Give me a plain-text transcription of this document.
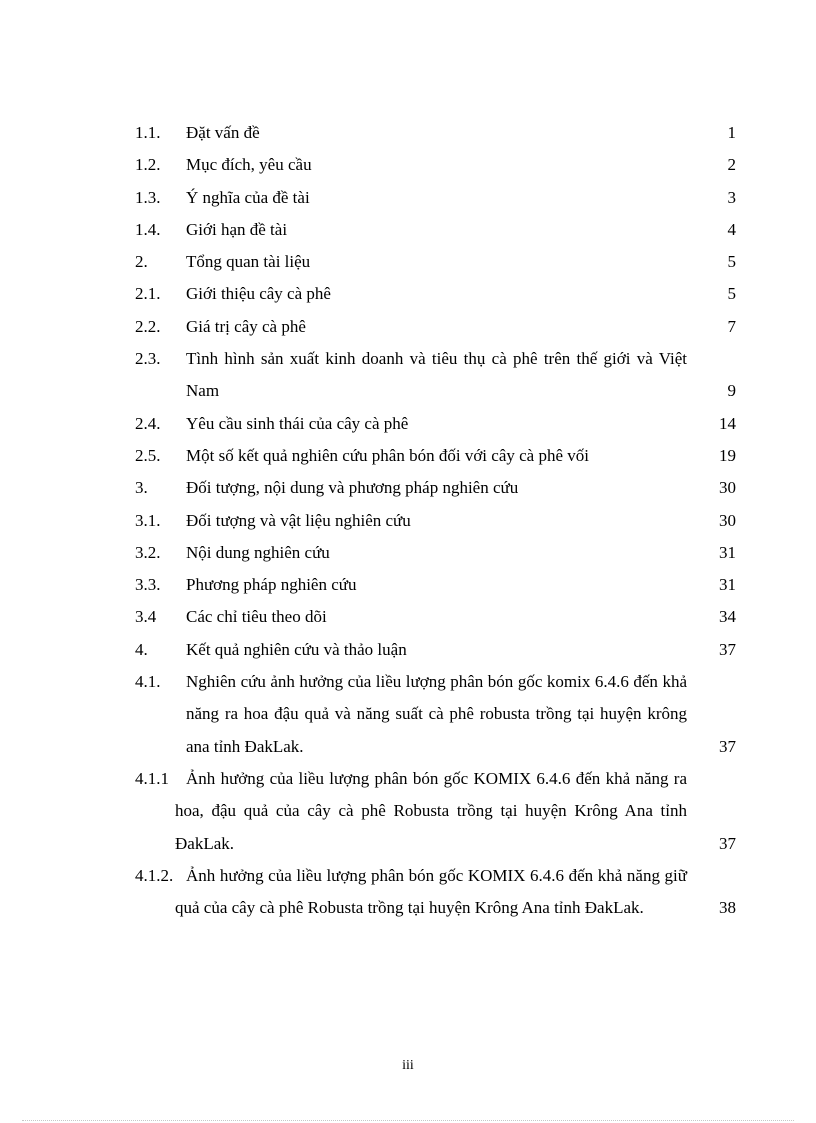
1.1. Đặt vấn đề	1
1.2. Mục đích, yêu cầu	2
1.3. Ý nghĩa của đề tài	3
1.4. Giới hạn đề tài	4
2. Tổng quan tài liệu	5
2.1. Giới thiệu cây cà phê	5
2.2. Giá trị cây cà phê	7
2.3. Tình hình sản xuất kinh doanh và tiêu thụ cà phê trên thế giới và Việt Nam	9
2.4. Yêu cầu sinh thái của cây cà phê	14
2.5. Một số kết quả nghiên cứu phân bón đối với cây cà phê vối	19
3. Đối tượng, nội dung và phương pháp nghiên cứu	30
3.1. Đối tượng và vật liệu nghiên cứu	30
3.2. Nội dung nghiên cứu	31
3.3. Phương pháp nghiên cứu	31
3.4 Các chỉ tiêu theo dõi	34
4. Kết quả nghiên cứu và thảo luận	37
4.1. Nghiên cứu ảnh hưởng của liều lượng phân bón gốc komix 6.4.6 đến khả năng ra hoa đậu quả và năng suất cà phê robusta trồng tại huyện krông ana tỉnh ĐakLak.	37
4.1.1	Ảnh hưởng của liều lượng phân bón gốc KOMIX 6.4.6 đến khả năng ra hoa, đậu quả của cây cà phê Robusta trồng tại huyện Krông Ana tỉnh ĐakLak.	37
4.1.2. Ảnh hưởng của liều lượng phân bón gốc KOMIX 6.4.6 đến khả năng giữ quả của cây cà phê Robusta trồng tại huyện Krông Ana tỉnh ĐakLak.	38
iii
